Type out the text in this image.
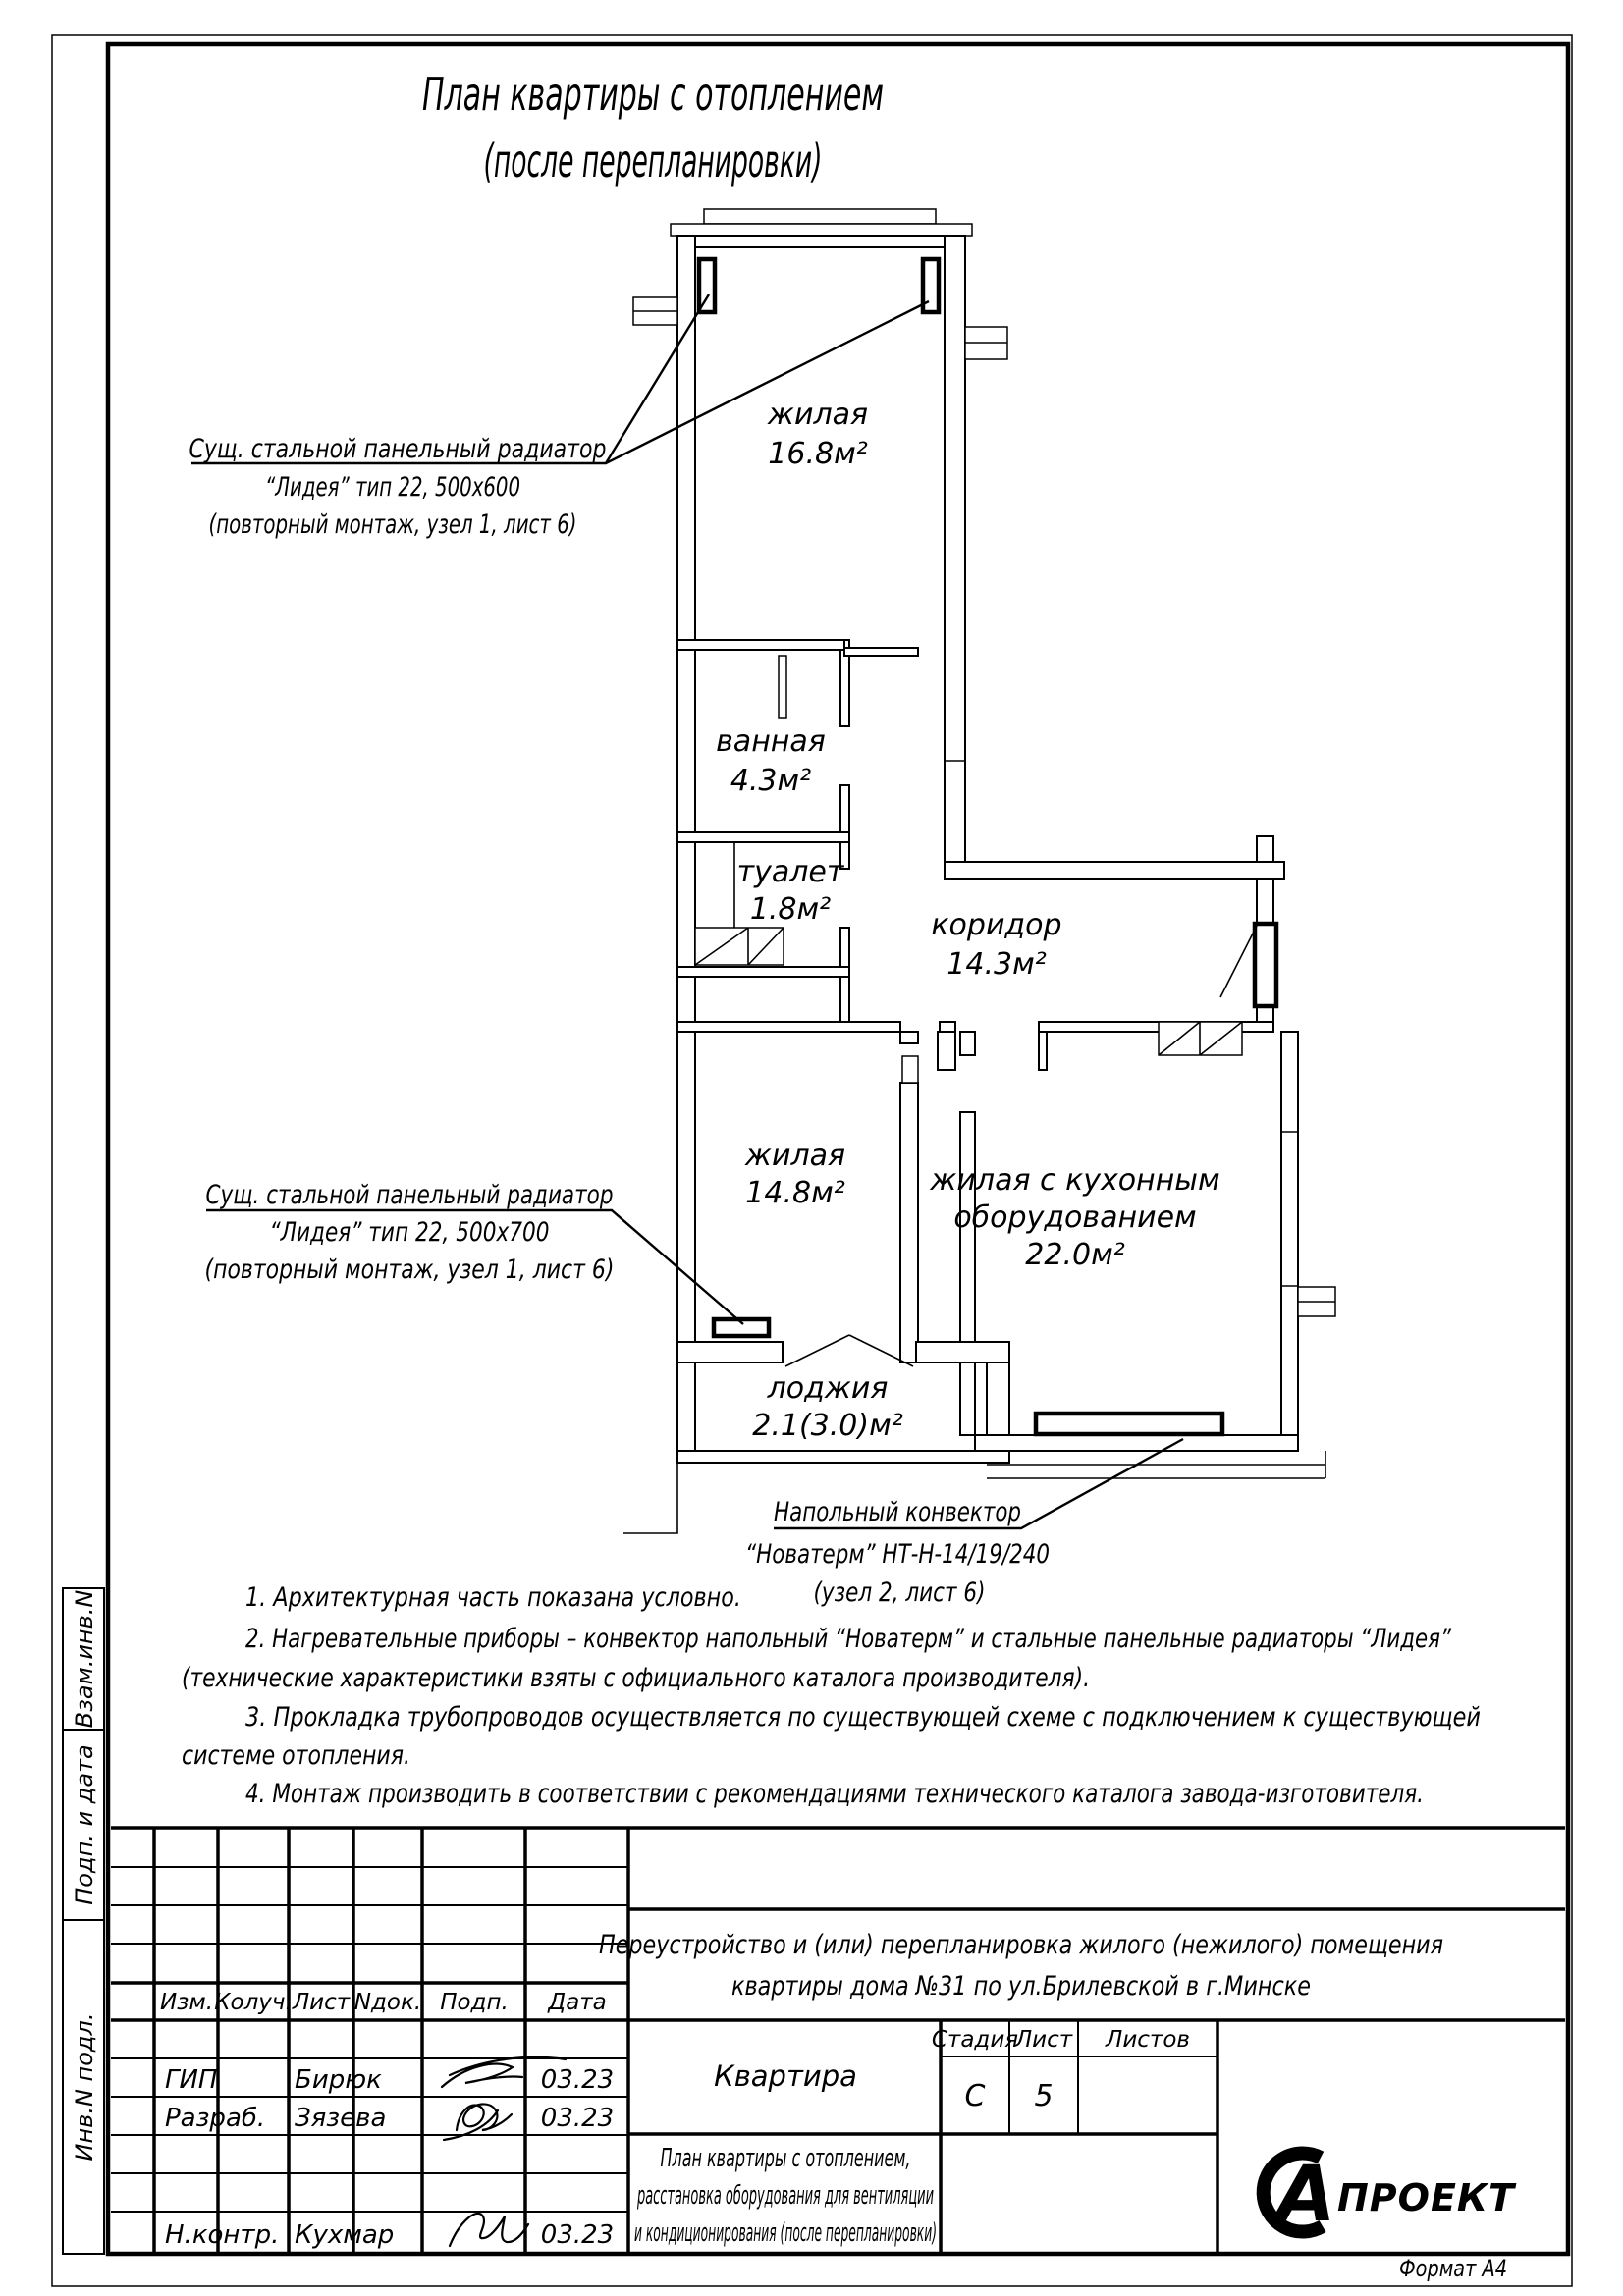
Взам.инв.N
Подп. и дата
Инв.N подл.
План квартиры с отоплением
(после перепланировки)
жилая
16.8м²
ванная
4.3м²
туалет
1.8м²	коридор
14.3м²
жилая
14.8м²	жилая с кухонным
оборудованием
22.0м²
лоджия
2.1(3.0)м²
Сущ. стальной панельный радиатор
“Лидея” тип 22, 500х600
(повторный монтаж, узел 1, лист 6)
Сущ. стальной панельный радиатор
“Лидея” тип 22, 500х700
(повторный монтаж, узел 1, лист 6)
Напольный конвектор
“Новатерм” НТ-Н-14/19/240
(узел 2, лист 6)
1. Архитектурная часть показана условно.
2. Нагревательные приборы – конвектор напольный “Новатерм” и стальные панельные радиаторы “Лидея”
(технические характеристики взяты с официального каталога производителя).
3. Прокладка трубопроводов осуществляется по существующей схеме с подключением к существующей
системе отопления.
4. Монтаж производить в соответствии с рекомендациями технического каталога завода-изготовителя.
Изм. Колуч. Лист Nдок. Подп. Дата
ГИП	Бирюк	03.23
Разраб. Зязева	03.23
Н.контр. Кухмар	03.23
Переустройство и (или) перепланировка жилого (нежилого) помещения
квартиры дома №31 по ул.Брилевской в г.Минске
Квартира
Стадия
Лист Листов
С 5
План квартиры с отоплением,
расстановка оборудования для вентиляции
и кондиционирования (после перепланировки)	А ПРОЕКТ
Формат А4
